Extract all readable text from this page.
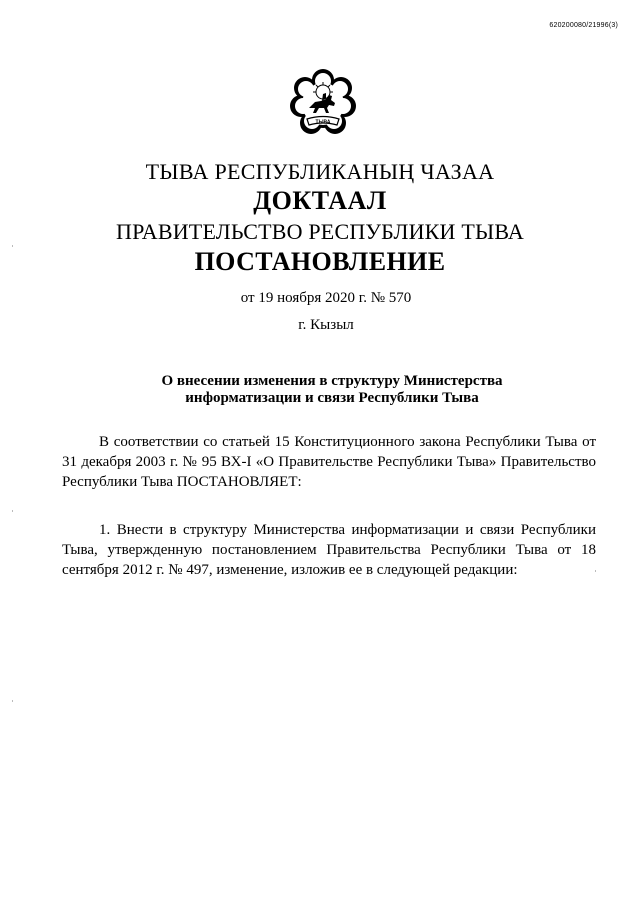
620200080/21996(3)
ТЫВА
ТЫВА РЕСПУБЛИКАНЫҢ ЧАЗАА
ДОКТААЛ
ПРАВИТЕЛЬСТВО РЕСПУБЛИКИ ТЫВА
ПОСТАНОВЛЕНИЕ
от 19 ноября 2020 г. № 570
г. Кызыл
О внесении изменения в структуру Министерства
информатизации и связи Республики Тыва

В соответствии со статьей 15 Конституционного закона Республики Тыва от 31 декабря 2003 г. № 95 ВХ-I «О Правительстве Республики Тыва» Правительство Республики Тыва ПОСТАНОВЛЯЕТ:

1. Внести в структуру Министерства информатизации и связи Республики Тыва, утвержденную постановлением Правительства Республики Тыва от 18 сентября 2012 г. № 497, изменение, изложив ее в следующей редакции:
